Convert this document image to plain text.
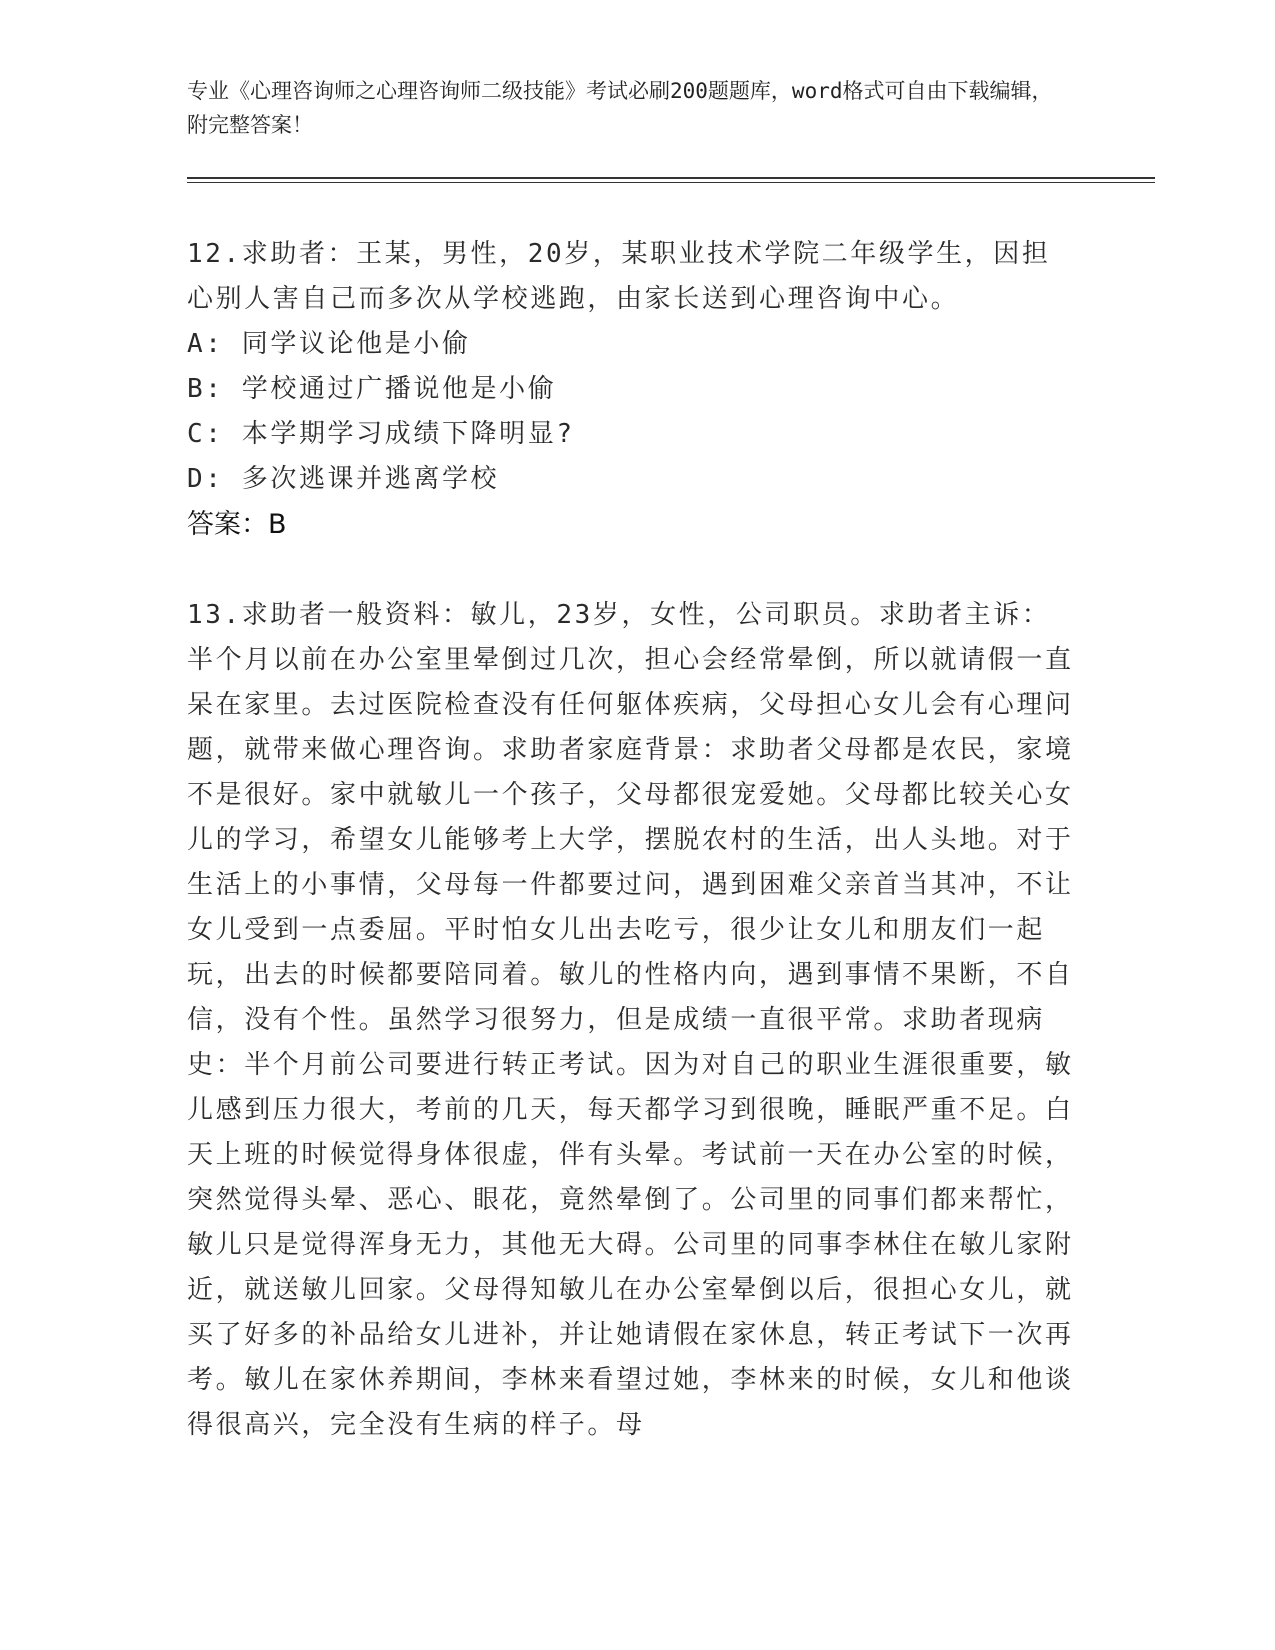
专业《心理咨询师之心理咨询师二级技能》考试必刷200题题库，word格式可自由下载编辑，附完整答案！

12.求助者：王某，男性，20岁，某职业技术学院二年级学生，因担心别人害自己而多次从学校逃跑，由家长送到心理咨询中心。

A: 同学议论他是小偷

B: 学校通过广播说他是小偷

C: 本学期学习成绩下降明显?

D: 多次逃课并逃离学校

答案：B

13.求助者一般资料：敏儿，23岁，女性，公司职员。求助者主诉：半个月以前在办公室里晕倒过几次，担心会经常晕倒，所以就请假一直呆在家里。去过医院检查没有任何躯体疾病，父母担心女儿会有心理问题，就带来做心理咨询。求助者家庭背景：求助者父母都是农民，家境不是很好。家中就敏儿一个孩子，父母都很宠爱她。父母都比较关心女儿的学习，希望女儿能够考上大学，摆脱农村的生活，出人头地。对于生活上的小事情，父母每一件都要过问，遇到困难父亲首当其冲，不让女儿受到一点委屈。平时怕女儿出去吃亏，很少让女儿和朋友们一起玩，出去的时候都要陪同着。敏儿的性格内向，遇到事情不果断，不自信，没有个性。虽然学习很努力，但是成绩一直很平常。求助者现病史：半个月前公司要进行转正考试。因为对自己的职业生涯很重要，敏儿感到压力很大，考前的几天，每天都学习到很晚，睡眠严重不足。白天上班的时候觉得身体很虚，伴有头晕。考试前一天在办公室的时候，突然觉得头晕、恶心、眼花，竟然晕倒了。公司里的同事们都来帮忙，敏儿只是觉得浑身无力，其他无大碍。公司里的同事李林住在敏儿家附近，就送敏儿回家。父母得知敏儿在办公室晕倒以后，很担心女儿，就买了好多的补品给女儿进补，并让她请假在家休息，转正考试下一次再考。敏儿在家休养期间，李林来看望过她，李林来的时候，女儿和他谈得很高兴，完全没有生病的样子。母
